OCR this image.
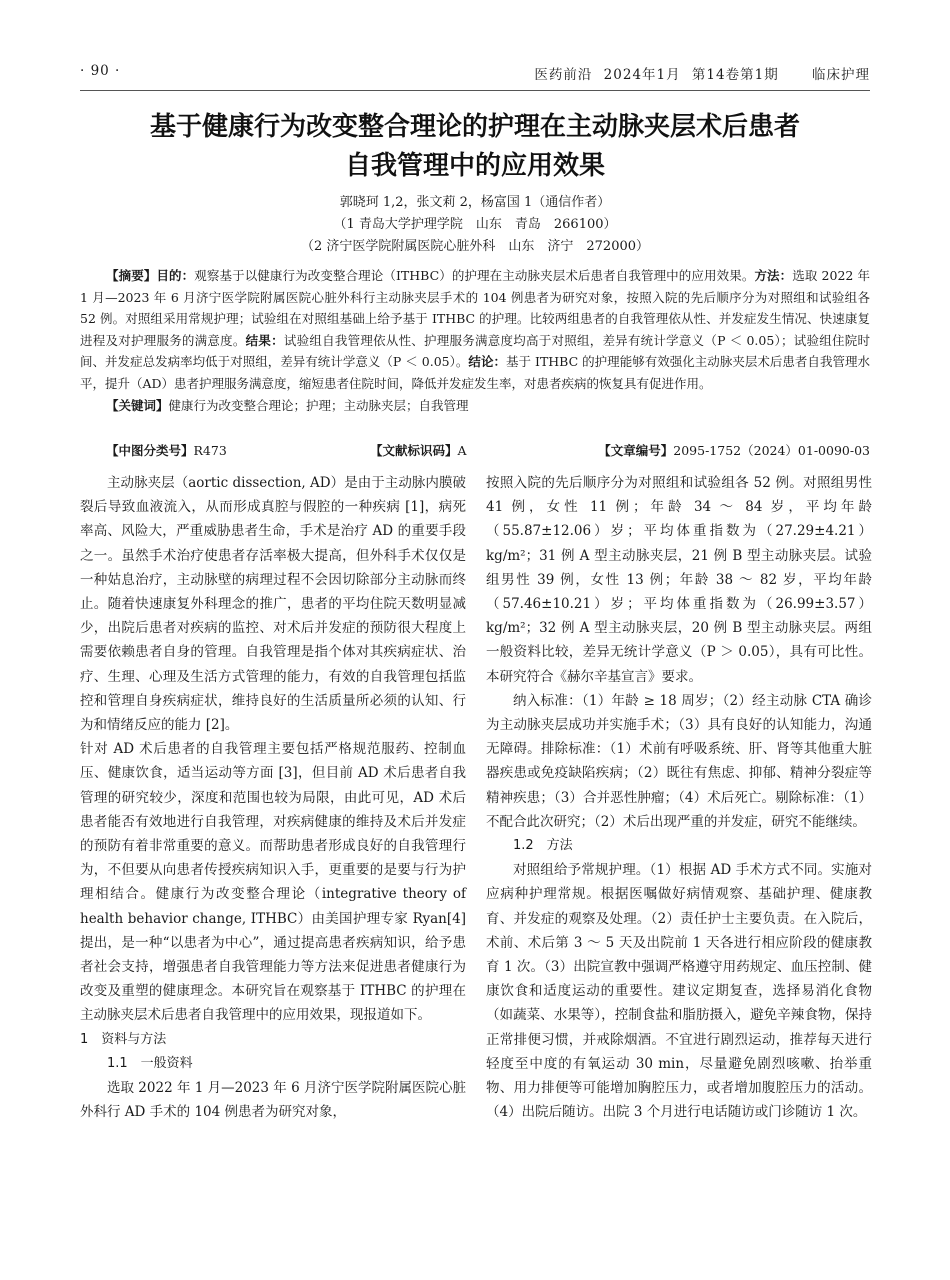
· 90 ·	医药前沿 2024年1月 第14卷第1期 临床护理
基于健康行为改变整合理论的护理在主动脉夹层术后患者
自我管理中的应用效果
郭晓珂 1,2，张文莉 2，杨富国 1（通信作者）
（1 青岛大学护理学院　山东　青岛　266100）
（2 济宁医学院附属医院心脏外科　山东　济宁　272000）
【摘要】目的：观察基于以健康行为改变整合理论（ITHBC）的护理在主动脉夹层术后患者自我管理中的应用效果。方法：选取 2022 年 1 月—2023 年 6 月济宁医学院附属医院心脏外科行主动脉夹层手术的 104 例患者为研究对象，按照入院的先后顺序分为对照组和试验组各 52 例。对照组采用常规护理；试验组在对照组基础上给予基于 ITHBC 的护理。比较两组患者的自我管理依从性、并发症发生情况、快速康复进程及对护理服务的满意度。结果：试验组自我管理依从性、护理服务满意度均高于对照组，差异有统计学意义（P ＜ 0.05）；试验组住院时间、并发症总发病率均低于对照组，差异有统计学意义（P ＜ 0.05）。结论：基于 ITHBC 的护理能够有效强化主动脉夹层术后患者自我管理水平，提升（AD）患者护理服务满意度，缩短患者住院时间，降低并发症发生率，对患者疾病的恢复具有促进作用。
【关键词】健康行为改变整合理论；护理；主动脉夹层；自我管理
【中图分类号】R473	【文献标识码】A	【文章编号】2095-1752（2024）01-0090-03
主动脉夹层（aortic dissection, AD）是由于主动脉内膜破裂后导致血液流入，从而形成真腔与假腔的一种疾病 [1]，病死率高、风险大，严重威胁患者生命，手术是治疗 AD 的重要手段之一。虽然手术治疗使患者存活率极大提高，但外科手术仅仅是一种姑息治疗，主动脉壁的病理过程不会因切除部分主动脉而终止。随着快速康复外科理念的推广，患者的平均住院天数明显减少，出院后患者对疾病的监控、对术后并发症的预防很大程度上需要依赖患者自身的管理。自我管理是指个体对其疾病症状、治疗、生理、心理及生活方式管理的能力，有效的自我管理包括监控和管理自身疾病症状，维持良好的生活质量所必须的认知、行为和情绪反应的能力 [2]。
针对 AD 术后患者的自我管理主要包括严格规范服药、控制血压、健康饮食，适当运动等方面 [3]，但目前 AD 术后患者自我管理的研究较少，深度和范围也较为局限，由此可见，AD 术后患者能否有效地进行自我管理，对疾病健康的维持及术后并发症的预防有着非常重要的意义。而帮助患者形成良好的自我管理行为，不但要从向患者传授疾病知识入手，更重要的是要与行为护理相结合。健康行为改变整合理论（integrative theory of health behavior change, ITHBC）由美国护理专家 Ryan[4] 提出，是一种“以患者为中心”，通过提高患者疾病知识，给予患者社会支持，增强患者自我管理能力等方法来促进患者健康行为改变及重塑的健康理念。本研究旨在观察基于 ITHBC 的护理在主动脉夹层术后患者自我管理中的应用效果，现报道如下。
1　资料与方法
1.1　一般资料
选取 2022 年 1 月—2023 年 6 月济宁医学院附属医院心脏外科行 AD 手术的 104 例患者为研究对象，
按照入院的先后顺序分为对照组和试验组各 52 例。对照组男性 41 例，女性 11 例；年龄 34 ～ 84 岁，平均年龄（55.87±12.06）岁；平均体重指数为（27.29±4.21）kg/m²；31 例 A 型主动脉夹层，21 例 B 型主动脉夹层。试验组男性 39 例，女性 13 例；年龄 38 ～ 82 岁，平均年龄（57.46±10.21）岁；平均体重指数为（26.99±3.57）kg/m²；32 例 A 型主动脉夹层，20 例 B 型主动脉夹层。两组一般资料比较，差异无统计学意义（P ＞ 0.05），具有可比性。本研究符合《赫尔辛基宣言》要求。
纳入标准：（1）年龄 ≥ 18 周岁；（2）经主动脉 CTA 确诊为主动脉夹层成功并实施手术；（3）具有良好的认知能力，沟通无障碍。排除标准：（1）术前有呼吸系统、肝、肾等其他重大脏器疾患或免疫缺陷疾病；（2）既往有焦虑、抑郁、精神分裂症等精神疾患；（3）合并恶性肿瘤；（4）术后死亡。剔除标准：（1）不配合此次研究；（2）术后出现严重的并发症，研究不能继续。
1.2　方法
对照组给予常规护理。（1）根据 AD 手术方式不同。实施对应病种护理常规。根据医嘱做好病情观察、基础护理、健康教育、并发症的观察及处理。（2）责任护士主要负责。在入院后，术前、术后第 3 ～ 5 天及出院前 1 天各进行相应阶段的健康教育 1 次。（3）出院宣教中强调严格遵守用药规定、血压控制、健康饮食和适度运动的重要性。建议定期复查，选择易消化食物（如蔬菜、水果等），控制食盐和脂肪摄入，避免辛辣食物，保持正常排便习惯，并戒除烟酒。不宜进行剧烈运动，推荐每天进行轻度至中度的有氧运动 30 min，尽量避免剧烈咳嗽、抬举重物、用力排便等可能增加胸腔压力，或者增加腹腔压力的活动。（4）出院后随访。出院 3 个月进行电话随访或门诊随访 1 次。
